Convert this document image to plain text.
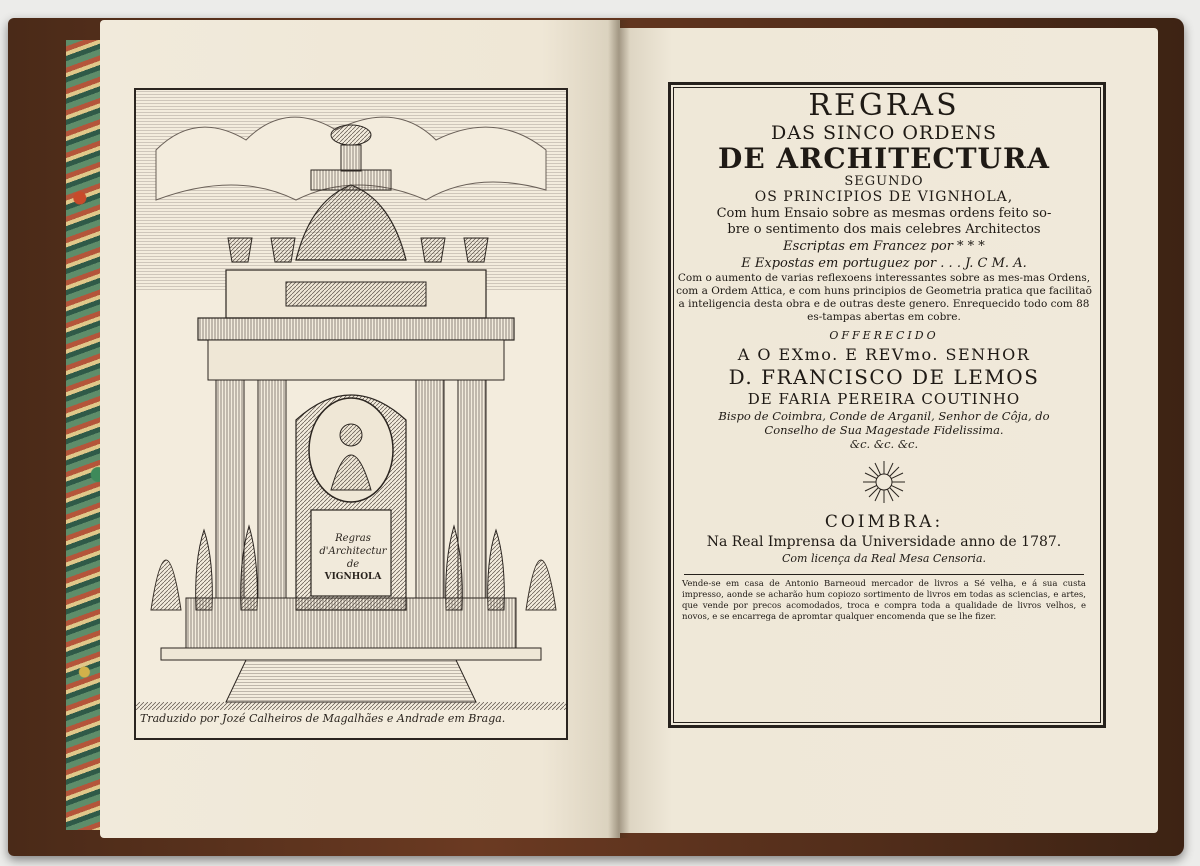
Regras
d'Architectur
de
VIGNHOLA
Traduzido por Jozé Calheiros de Magalhães e Andrade em Braga.
REGRAS
DAS SINCO ORDENS
DE ARCHITECTURA
SEGUNDO
OS PRINCIPIOS DE VIGNHOLA,
Com hum Ensaio sobre as mesmas ordens feito so-
bre o sentimento dos mais celebres Architectos
Escriptas em Francez por * * *
E Expostas em portuguez por . . . J. C M. A.
Com o aumento de varias reflexoens interessantes sobre as mes-mas Ordens, com a Ordem Attica, e com huns principios de Geometria pratica que facilitaõ a inteligencia desta obra e de outras deste genero. Enrequecido todo com 88 es-tampas abertas em cobre.
OFFERECIDO
A O EXmo. E REVmo. SENHOR
D. FRANCISCO DE LEMOS
DE FARIA PEREIRA COUTINHO
Bispo de Coimbra, Conde de Arganil, Senhor de Côja, do
Conselho de Sua Magestade Fidelissima.
&c. &c. &c.
COIMBRA:
Na Real Imprensa da Universidade anno de 1787.
Com licença da Real Mesa Censoria.
Vende-se em casa de Antonio Barneoud mercador de livros a Sé velha, e á sua custa impresso, aonde se acharão hum copiozo sortimento de livros em todas as sciencias, e artes, que vende por precos acomodados, troca e compra toda a qualidade de livros velhos, e novos, e se encarrega de apromtar qualquer encomenda que se lhe fizer.
